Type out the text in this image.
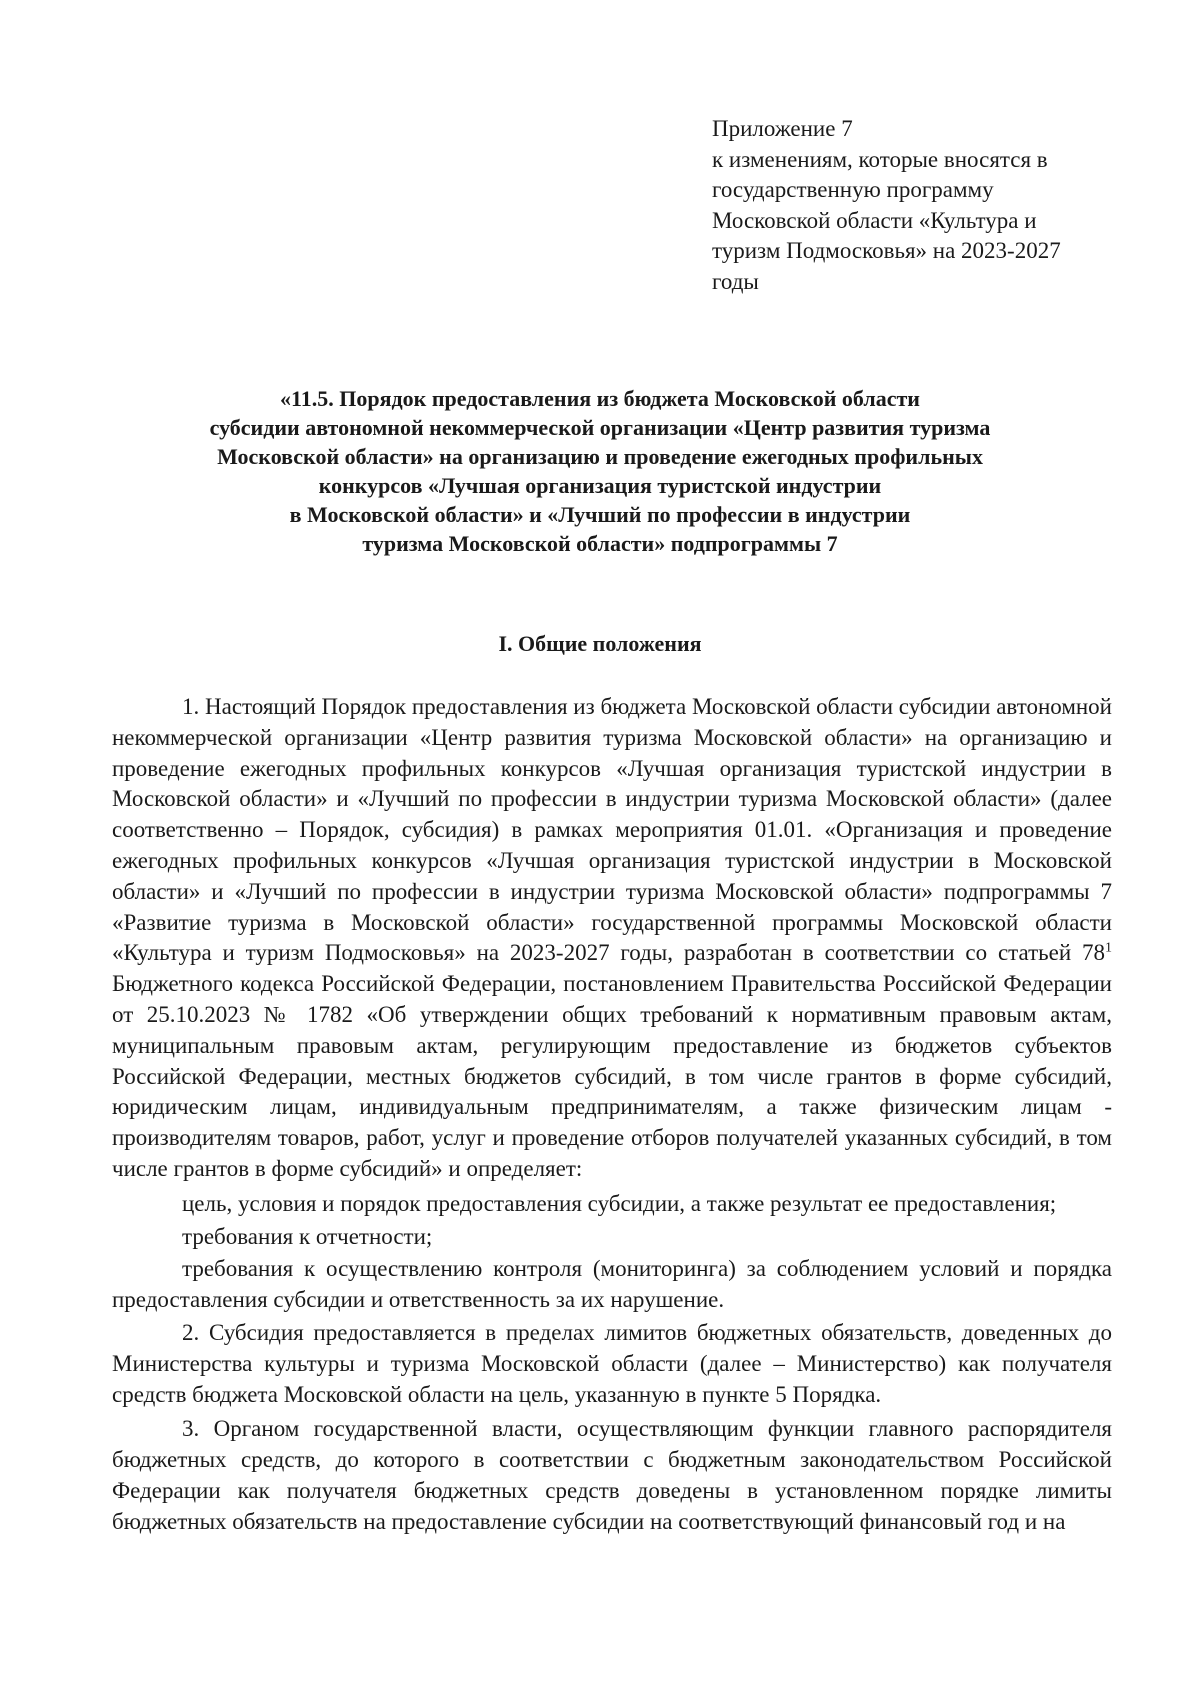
Приложение 7
к изменениям, которые вносятся в
государственную программу
Московской области «Культура и
туризм Подмосковья» на 2023-2027
годы
«11.5. Порядок предоставления из бюджета Московской области
субсидии автономной некоммерческой организации «Центр развития туризма
Московской области» на организацию и проведение ежегодных профильных
конкурсов «Лучшая организация туристской индустрии
в Московской области» и «Лучший по профессии в индустрии
туризма Московской области» подпрограммы 7
I. Общие положения

1. Настоящий Порядок предоставления из бюджета Московской области субсидии автономной некоммерческой организации «Центр развития туризма Московской области» на организацию и проведение ежегодных профильных конкурсов «Лучшая организация туристской индустрии в Московской области» и «Лучший по профессии в индустрии туризма Московской области» (далее соответственно – Порядок, субсидия) в рамках мероприятия 01.01. «Организация и проведение ежегодных профильных конкурсов «Лучшая организация туристской индустрии в Московской области» и «Лучший по профессии в индустрии туризма Московской области» подпрограммы 7 «Развитие туризма в Московской области» государственной программы Московской области «Культура и туризм Подмосковья» на 2023-2027 годы, разработан в соответствии со статьей $78^1$ Бюджетного кодекса Российской Федерации, постановлением Правительства Российской Федерации от 25.10.2023 № 1782 «Об утверждении общих требований к нормативным правовым актам, муниципальным правовым актам, регулирующим предоставление из бюджетов субъектов Российской Федерации, местных бюджетов субсидий, в том числе грантов в форме субсидий, юридическим лицам, индивидуальным предпринимателям, а также физическим лицам - производителям товаров, работ, услуг и проведение отборов получателей указанных субсидий, в том числе грантов в форме субсидий» и определяет:

цель, условия и порядок предоставления субсидии, а также результат ее предоставления;

требования к отчетности;

требования к осуществлению контроля (мониторинга) за соблюдением условий и порядка предоставления субсидии и ответственность за их нарушение.

2. Субсидия предоставляется в пределах лимитов бюджетных обязательств, доведенных до Министерства культуры и туризма Московской области (далее – Министерство) как получателя средств бюджета Московской области на цель, указанную в пункте 5 Порядка.

3. Органом государственной власти, осуществляющим функции главного распорядителя бюджетных средств, до которого в соответствии с бюджетным законодательством Российской Федерации как получателя бюджетных средств доведены в установленном порядке лимиты бюджетных обязательств на предоставление субсидии на соответствующий финансовый год и на
